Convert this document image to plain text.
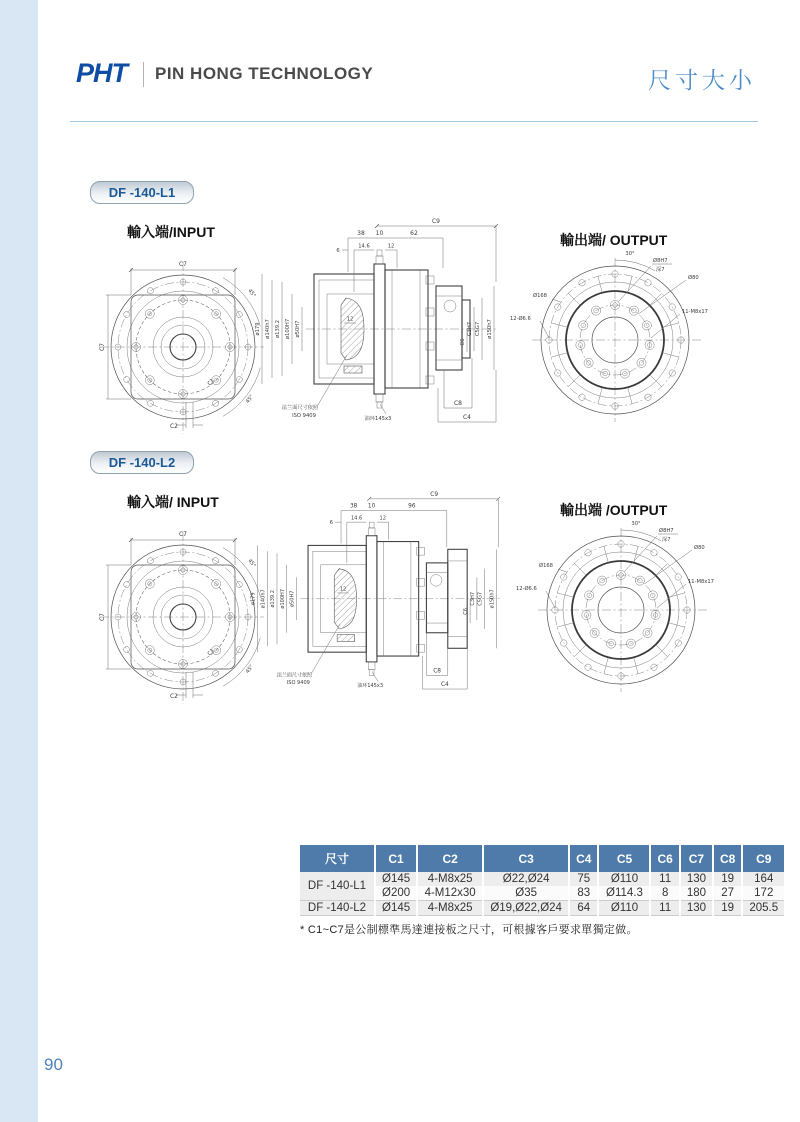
PHT PIN HONG TECHNOLOGY	尺寸大小
DF -140-L1
輸入端/INPUT	輸出端/ OUTPUT
C7
C7
C2
45°
45°
C1
ø179 ø140h7 ø139.2 ø100H7 ø50H7
12
C9
38 10	62
6
14.6	12
C6
C3H7 C5G7 ø150h7
C8
C4
法兰面尺寸依照
ISO 9409	油环145x3
30°
Ø8H7
深7
Ø80
Ø168
12-Ø6.6
11-M8x17
DF -140-L2
輸入端/ INPUT	輸出端 /OUTPUT
C7
C7
C2
45°
45°
C1
ø179 ø140h7 ø139.2 ø100H7 ø50H7
12
C9
38 10	96
6
14.6	12
C6
C3H7 C5G7 ø150h7
C8
C4
法兰面尺寸依照
ISO 9409	油环145x3
30°
Ø8H7
深7
Ø80
Ø168
12-Ø6.6
11-M8x17
尺寸	C1	C2	C3	C4	C5	C6	C7	C8	C9
DF -140-L1	Ø145	4-M8x25	Ø22,Ø24	75	Ø110	11	130	19	164
	Ø200	4-M12x30	Ø35	83	Ø114.3	8	180	27	172
DF -140-L2	Ø145	4-M8x25	Ø19,Ø22,Ø24	64	Ø110	11	130	19	205.5
* C1~C7是公制標準馬達連接板之尺寸，可根據客戶要求單獨定做。
90
